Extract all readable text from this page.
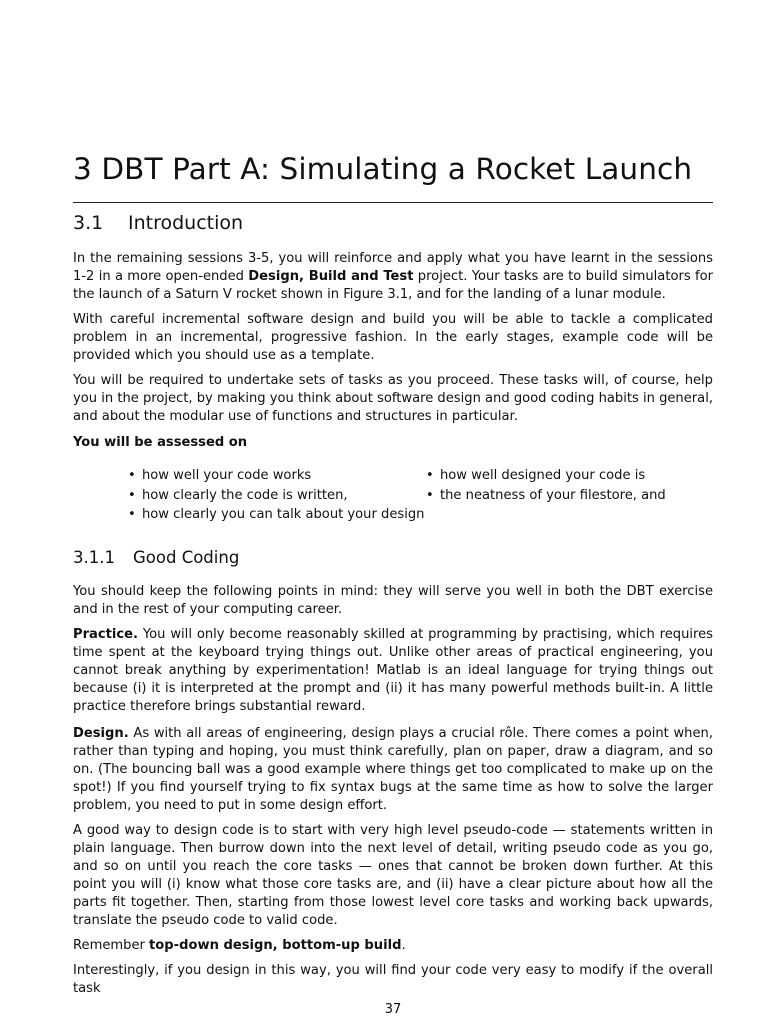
3 DBT Part A: Simulating a Rocket Launch
3.1 Introduction

In the remaining sessions 3-5, you will reinforce and apply what you have learnt in the sessions 1-2 in a more open-ended Design, Build and Test project. Your tasks are to build simulators for the launch of a Saturn V rocket shown in Figure 3.1, and for the landing of a lunar module.

With careful incremental software design and build you will be able to tackle a complicated problem in an incremental, progressive fashion. In the early stages, example code will be provided which you should use as a template.

You will be required to undertake sets of tasks as you proceed. These tasks will, of course, help you in the project, by making you think about software design and good coding habits in general, and about the modular use of functions and structures in particular.

You will be assessed on

• how well your code works
• how clearly the code is written,
• how clearly you can talk about your design
• how well designed your code is
• the neatness of your filestore, and
3.1.1 Good Coding

You should keep the following points in mind: they will serve you well in both the DBT exercise and in the rest of your computing career.

Practice. You will only become reasonably skilled at programming by practising, which requires time spent at the keyboard trying things out. Unlike other areas of practical engineering, you cannot break anything by experimentation! Matlab is an ideal language for trying things out because (i) it is interpreted at the prompt and (ii) it has many powerful methods built-in. A little practice therefore brings substantial reward.

Design. As with all areas of engineering, design plays a crucial rôle. There comes a point when, rather than typing and hoping, you must think carefully, plan on paper, draw a diagram, and so on. (The bouncing ball was a good example where things get too complicated to make up on the spot!) If you find yourself trying to fix syntax bugs at the same time as how to solve the larger problem, you need to put in some design effort.

A good way to design code is to start with very high level pseudo-code — statements written in plain language. Then burrow down into the next level of detail, writing pseudo code as you go, and so on until you reach the core tasks — ones that cannot be broken down further. At this point you will (i) know what those core tasks are, and (ii) have a clear picture about how all the parts fit together. Then, starting from those lowest level core tasks and working back upwards, translate the pseudo code to valid code.

Remember top-down design, bottom-up build.

Interestingly, if you design in this way, you will find your code very easy to modify if the overall task

37
